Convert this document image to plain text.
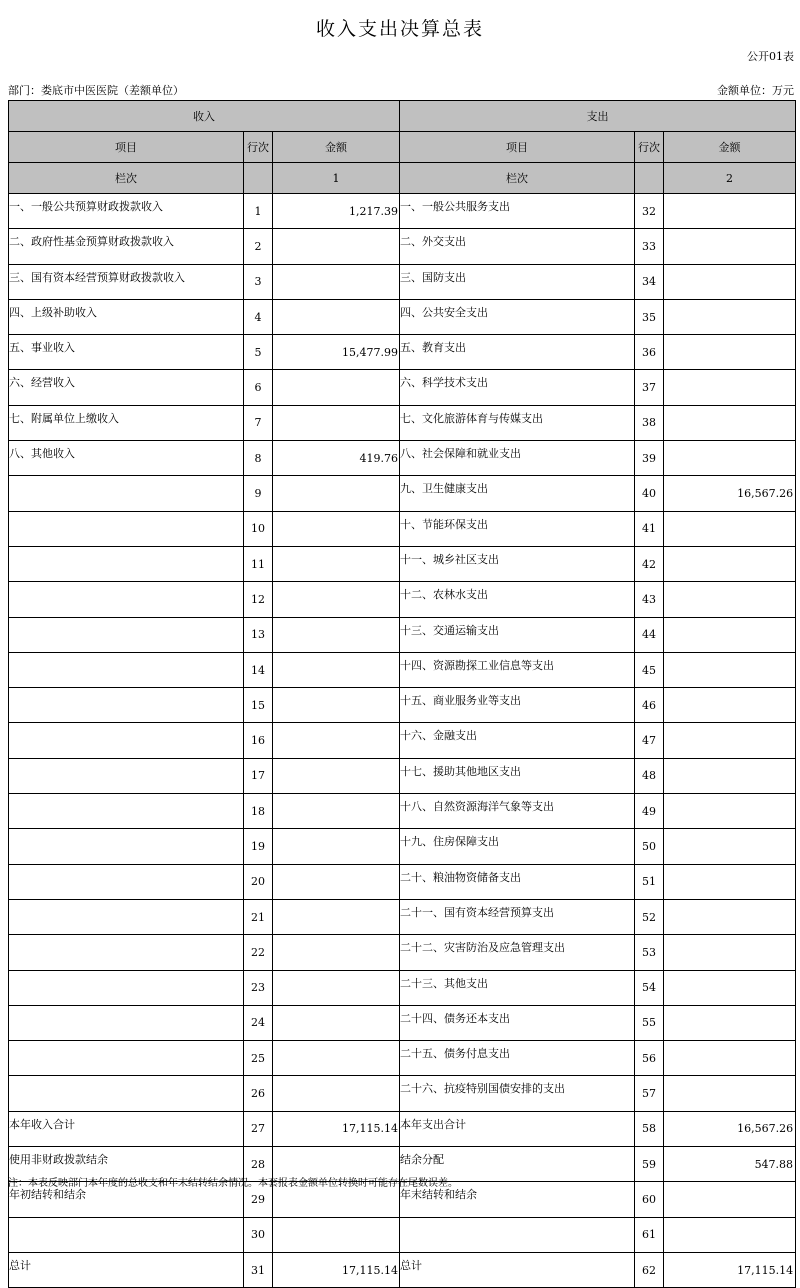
收入支出决算总表
公开01表
部门：娄底市中医医院（差额单位）	金额单位：万元
收入			支出		
项目	行次	金额	项目	行次	金额
栏次		1	栏次		2
一、一般公共预算财政拨款收入	1	1,217.39	一、一般公共服务支出	32	
二、政府性基金预算财政拨款收入	2		二、外交支出	33	
三、国有资本经营预算财政拨款收入	3		三、国防支出	34	
四、上级补助收入	4		四、公共安全支出	35	
五、事业收入	5	15,477.99	五、教育支出	36	
六、经营收入	6		六、科学技术支出	37	
七、附属单位上缴收入	7		七、文化旅游体育与传媒支出	38	
八、其他收入	8	419.76	八、社会保障和就业支出	39	
	9		九、卫生健康支出	40	16,567.26
	10		十、节能环保支出	41	
	11		十一、城乡社区支出	42	
	12		十二、农林水支出	43	
	13		十三、交通运输支出	44	
	14		十四、资源勘探工业信息等支出	45	
	15		十五、商业服务业等支出	46	
	16		十六、金融支出	47	
	17		十七、援助其他地区支出	48	
	18		十八、自然资源海洋气象等支出	49	
	19		十九、住房保障支出	50	
	20		二十、粮油物资储备支出	51	
	21		二十一、国有资本经营预算支出	52	
	22		二十二、灾害防治及应急管理支出	53	
	23		二十三、其他支出	54	
	24		二十四、债务还本支出	55	
	25		二十五、债务付息支出	56	
	26		二十六、抗疫特别国债安排的支出	57	
本年收入合计	27	17,115.14	本年支出合计	58	16,567.26
使用非财政拨款结余	28		结余分配	59	547.88
年初结转和结余	29		年末结转和结余	60	
	30			61	
总计	31	17,115.14	总计	62	17,115.14
注：本表反映部门本年度的总收支和年末结转结余情况。本套报表金额单位转换时可能存在尾数误差。
